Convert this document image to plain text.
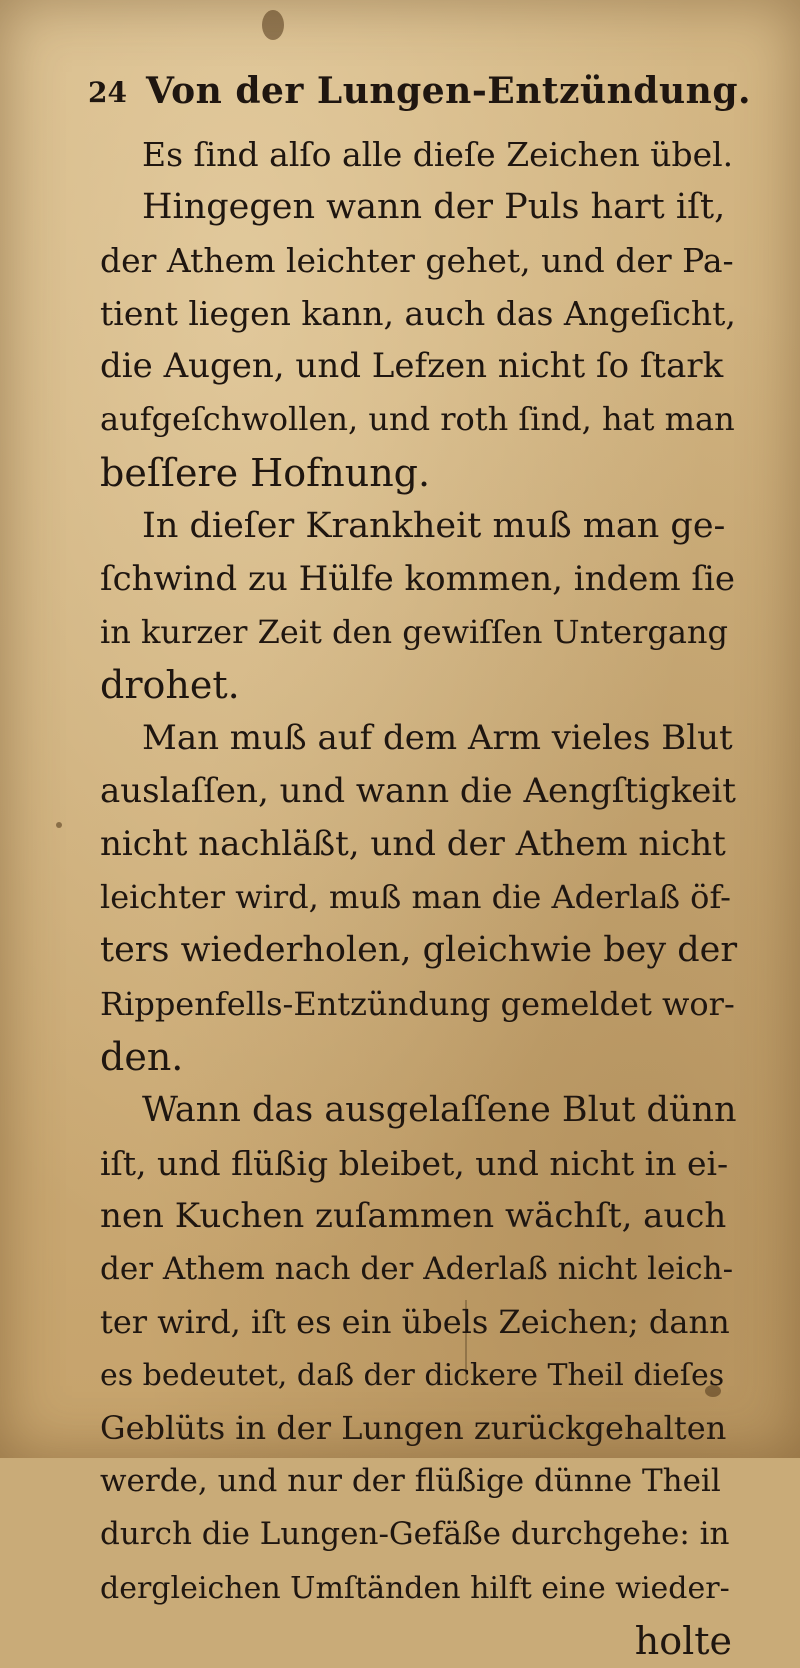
24 Von der Lungen-Entzündung.
Es ſind alſo alle dieſe Zeichen übel.
Hingegen wann der Puls hart iſt,
der Athem leichter gehet, und der Pa-
tient liegen kann, auch das Angeſicht,
die Augen, und Lefzen nicht ſo ſtark
aufgeſchwollen, und roth ſind, hat man
beſſere Hofnung.
In dieſer Krankheit muß man ge-
ſchwind zu Hülfe kommen, indem ſie
in kurzer Zeit den gewiſſen Untergang
drohet.
Man muß auf dem Arm vieles Blut
auslaſſen, und wann die Aengſtigkeit
nicht nachläßt, und der Athem nicht
leichter wird, muß man die Aderlaß öf-
ters wiederholen, gleichwie bey der
Rippenfells-Entzündung gemeldet wor-
den.
Wann das ausgelaſſene Blut dünn
iſt, und flüßig bleibet, und nicht in ei-
nen Kuchen zuſammen wächſt, auch
der Athem nach der Aderlaß nicht leich-
ter wird, iſt es ein übels Zeichen; dann
es bedeutet, daß der dickere Theil dieſes
Geblüts in der Lungen zurückgehalten
werde, und nur der flüßige dünne Theil
durch die Lungen-Gefäße durchgehe: in
dergleichen Umſtänden hilft eine wieder-
holte
